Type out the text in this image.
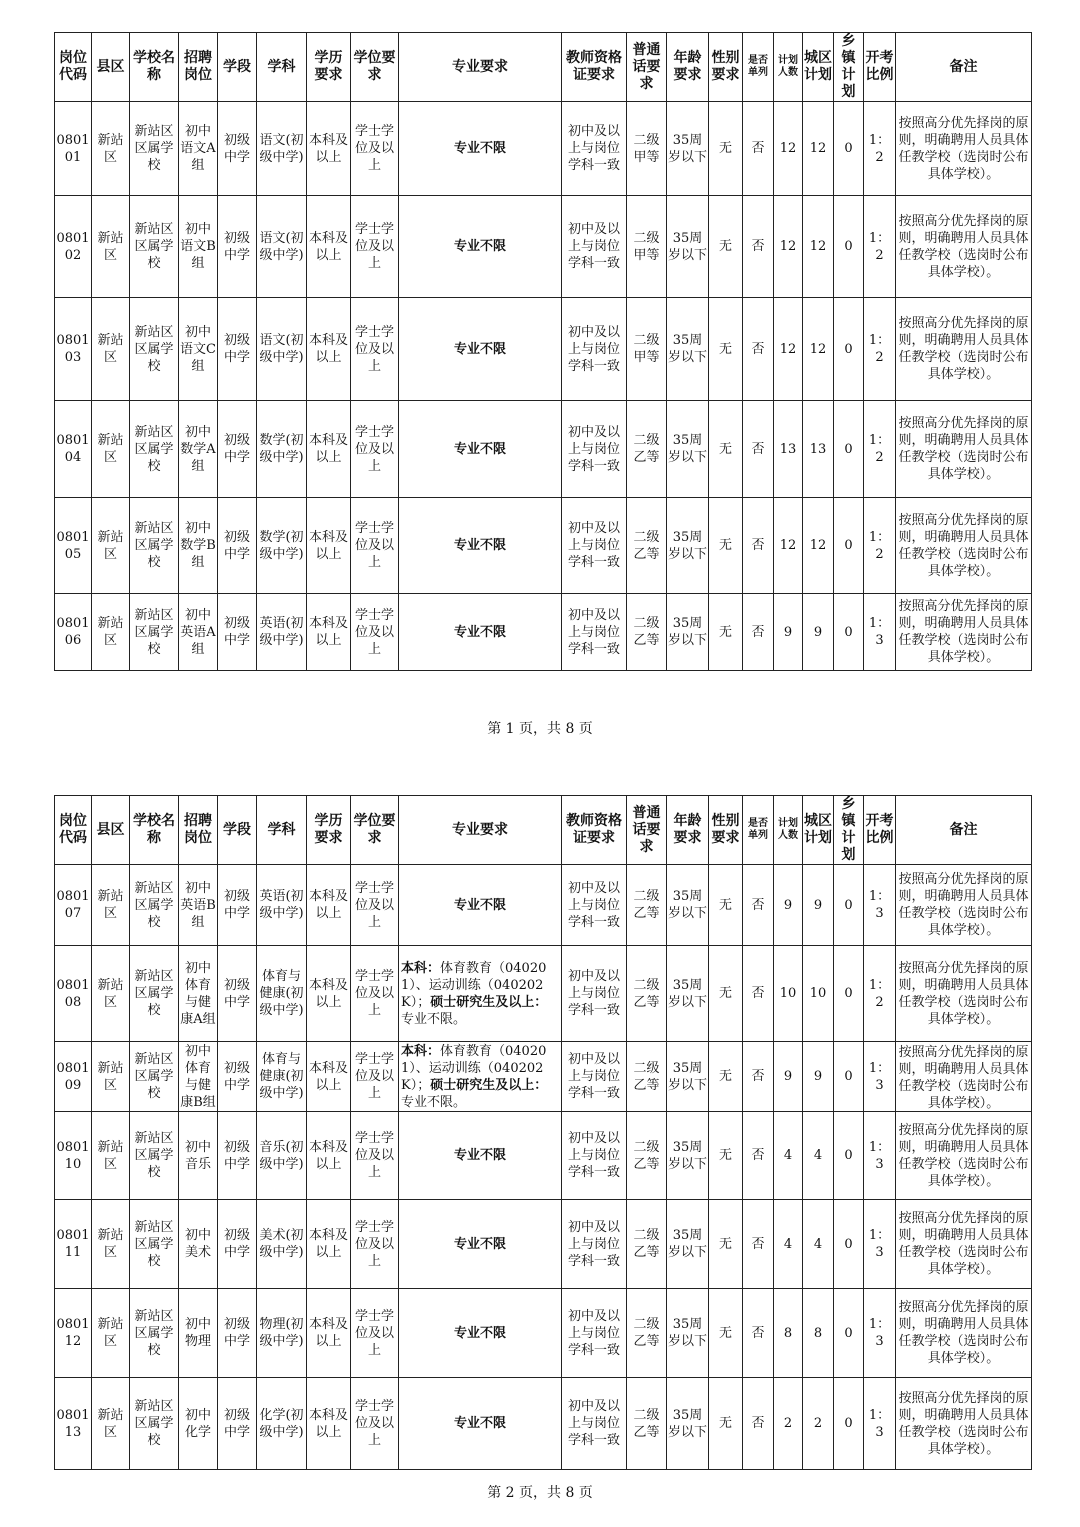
岗位代码	县区	学校名称	招聘岗位	学段	学科	学历要求	学位要求	专业要求	教师资格证要求	普通话要求	年龄要求	性别要求	是否单列	计划人数	城区计划	乡镇计划	开考比例	备注
080101	新站区	新站区区属学校	初中语文A组	初级中学	语文(初级中学)	本科及以上	学士学位及以上	专业不限	初中及以上与岗位学科一致	二级甲等	35周岁以下	无	否	12	12	0	1：2	按照高分优先择岗的原则，明确聘用人员具体任教学校（选岗时公布具体学校）。

080102	新站区	新站区区属学校	初中语文B组	初级中学	语文(初级中学)	本科及以上	学士学位及以上	专业不限	初中及以上与岗位学科一致	二级甲等	35周岁以下	无	否	12	12	0	1：2	按照高分优先择岗的原则，明确聘用人员具体任教学校（选岗时公布具体学校）。

080103	新站区	新站区区属学校	初中语文C组	初级中学	语文(初级中学)	本科及以上	学士学位及以上	专业不限	初中及以上与岗位学科一致	二级甲等	35周岁以下	无	否	12	12	0	1：2	按照高分优先择岗的原则，明确聘用人员具体任教学校（选岗时公布具体学校）。

080104	新站区	新站区区属学校	初中数学A组	初级中学	数学(初级中学)	本科及以上	学士学位及以上	专业不限	初中及以上与岗位学科一致	二级乙等	35周岁以下	无	否	13	13	0	1：2	按照高分优先择岗的原则，明确聘用人员具体任教学校（选岗时公布具体学校）。

080105	新站区	新站区区属学校	初中数学B组	初级中学	数学(初级中学)	本科及以上	学士学位及以上	专业不限	初中及以上与岗位学科一致	二级乙等	35周岁以下	无	否	12	12	0	1：2	按照高分优先择岗的原则，明确聘用人员具体任教学校（选岗时公布具体学校）。

080106	新站区	新站区区属学校	初中英语A组	初级中学	英语(初级中学)	本科及以上	学士学位及以上	专业不限	初中及以上与岗位学科一致	二级乙等	35周岁以下	无	否	9	9	0	1：3	按照高分优先择岗的原则，明确聘用人员具体任教学校（选岗时公布具体学校）。
第 1 页，共 8 页
岗位代码	县区	学校名称	招聘岗位	学段	学科	学历要求	学位要求	专业要求	教师资格证要求	普通话要求	年龄要求	性别要求	是否单列	计划人数	城区计划	乡镇计划	开考比例	备注
080107	新站区	新站区区属学校	初中英语B组	初级中学	英语(初级中学)	本科及以上	学士学位及以上	专业不限	初中及以上与岗位学科一致	二级乙等	35周岁以下	无	否	9	9	0	1：3	按照高分优先择岗的原则，明确聘用人员具体任教学校（选岗时公布具体学校）。

080108	新站区	新站区区属学校	初中体育与健康A组	初级中学	体育与健康(初级中学)	本科及以上	学士学位及以上	本科：体育教育（040201）、运动训练（040202K）；硕士研究生及以上：专业不限。	初中及以上与岗位学科一致	二级乙等	35周岁以下	无	否	10	10	0	1：2	按照高分优先择岗的原则，明确聘用人员具体任教学校（选岗时公布具体学校）。

080109	新站区	新站区区属学校	初中体育与健康B组	初级中学	体育与健康(初级中学)	本科及以上	学士学位及以上	本科：体育教育（040201）、运动训练（040202K）；硕士研究生及以上：专业不限。	初中及以上与岗位学科一致	二级乙等	35周岁以下	无	否	9	9	0	1：3	按照高分优先择岗的原则，明确聘用人员具体任教学校（选岗时公布具体学校）。

080110	新站区	新站区区属学校	初中音乐	初级中学	音乐(初级中学)	本科及以上	学士学位及以上	专业不限	初中及以上与岗位学科一致	二级乙等	35周岁以下	无	否	4	4	0	1：3	按照高分优先择岗的原则，明确聘用人员具体任教学校（选岗时公布具体学校）。

080111	新站区	新站区区属学校	初中美术	初级中学	美术(初级中学)	本科及以上	学士学位及以上	专业不限	初中及以上与岗位学科一致	二级乙等	35周岁以下	无	否	4	4	0	1：3	按照高分优先择岗的原则，明确聘用人员具体任教学校（选岗时公布具体学校）。

080112	新站区	新站区区属学校	初中物理	初级中学	物理(初级中学)	本科及以上	学士学位及以上	专业不限	初中及以上与岗位学科一致	二级乙等	35周岁以下	无	否	8	8	0	1：3	按照高分优先择岗的原则，明确聘用人员具体任教学校（选岗时公布具体学校）。

080113	新站区	新站区区属学校	初中化学	初级中学	化学(初级中学)	本科及以上	学士学位及以上	专业不限	初中及以上与岗位学科一致	二级乙等	35周岁以下	无	否	2	2	0	1：3	按照高分优先择岗的原则，明确聘用人员具体任教学校（选岗时公布具体学校）。
第 2 页，共 8 页
